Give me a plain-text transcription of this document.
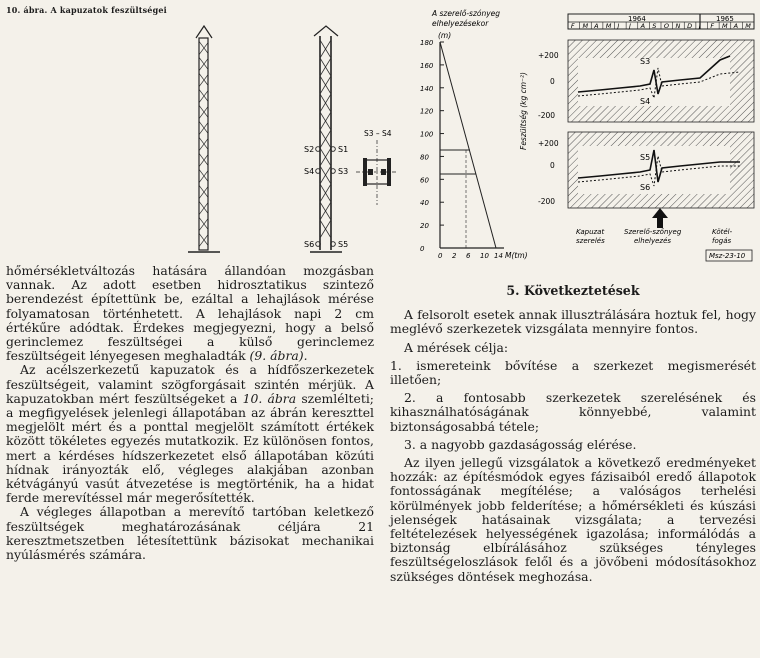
10. ábra. A kapuzatok feszültségei
S2	S1
S4	S3
S6	S5
S3 – S4
A szerelő-szónyeg
elhelyezésekor
(m)
180
160
140
120
100
80
60
40
20
0
0 2 6 10 14 M(tm)
1964	1965
F M A M J	J A S O N D	J F M A M
Feszültség (kg cm⁻²)
+200
0
-200
S3
S4
+200
0
-200
S5
S6
Kapuzat
szerelés
Szerelő-szőnyeg
elhelyezés
Kötél-
fogás
Msz-23-10

hőmérsékletváltozás hatására állandóan mozgásban vannak. Az adott esetben hidrosztatikus szintező berendezést építettünk be, ezáltal a lehajlások mérése folyamatosan történhetett. A lehajlások napi 2 cm értékűre adódtak. Érdekes megjegyezni, hogy a belső gerinclemez feszültségei a külső gerinclemez feszültségeit lényegesen meghaladták (9. ábra).

Az acélszerkezetű kapuzatok és a hídfőszerkezetek feszültségeit, valamint szögforgásait szintén mérjük. A kapuzatokban mért feszültségeket a 10. ábra szemlélteti; a megfigyelések jelenlegi állapotában az ábrán kereszttel megjelölt mért és a ponttal megjelölt számított értékek között tökéletes egyezés mutatkozik. Ez különösen fontos, mert a kérdéses hídszerkezetet első állapotában közúti hídnak irányozták elő, végleges alakjában azonban kétvágányú vasút átvezetése is megtörténik, ha a hidat ferde merevítéssel már megerősítették.

A végleges állapotban a merevítő tartóban keletkező feszültségek meghatározásának céljára 21 keresztmetszetben létesítettünk bázisokat mechanikai nyúlásmérés számára.

5. Következtetések

A felsorolt esetek annak illusztrálására hoztuk fel, hogy meglévő szerkezetek vizsgálata mennyire fontos.

A mérések célja:

1. ismereteink bővítése a szerkezet megismerését illetően;

2. a fontosabb szerkezetek szerelésének és kihasználhatóságának könnyebbé, valamint biztonságosabbá tétele;

3. a nagyobb gazdaságosság elérése.

Az ilyen jellegű vizsgálatok a következő eredményeket hozzák: az építésmódok egyes fázisaiból eredő állapotok fontosságának megítélése; a valóságos terhelési körülmények jobb felderítése; a hőmérsékleti és kúszási jelenségek hatásainak vizsgálata; a tervezési feltételezések helyességének igazolása; informálódás a biztonság elbírálásához szükséges tényleges feszültségeloszlások felől és a jövőbeni módosításokhoz szükséges döntések meghozása.
